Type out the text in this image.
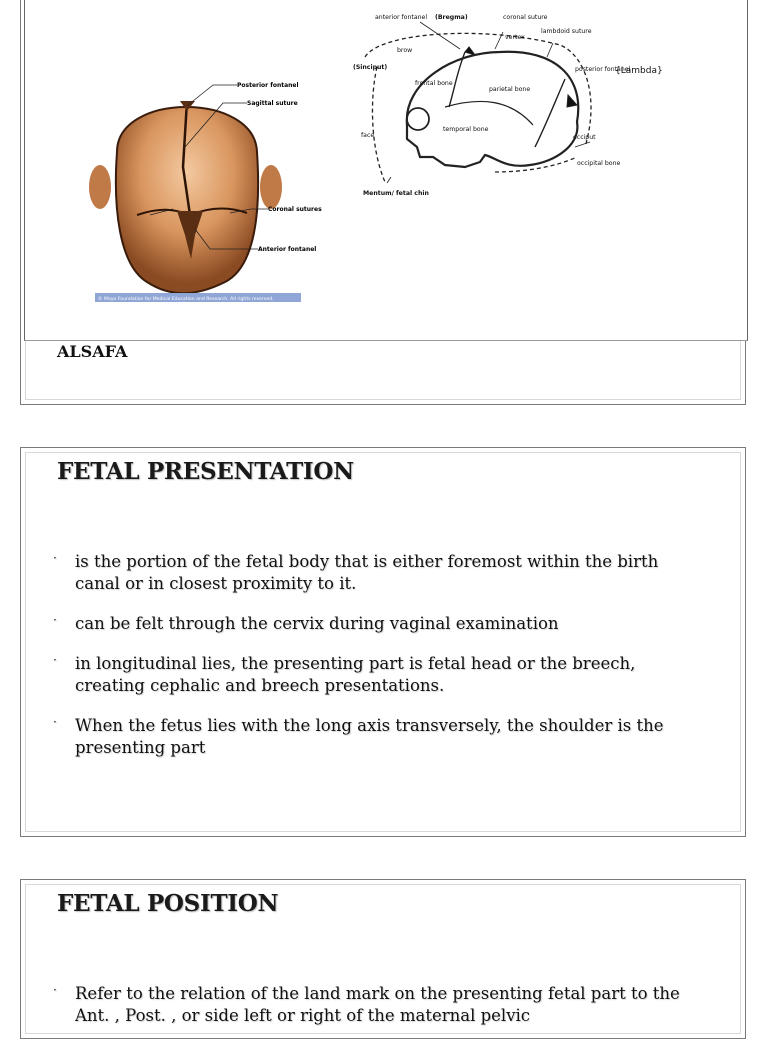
Posterior fontanel
Sagittal suture
Coronal sutures
Anterior fontanel
© Mayo Foundation for Medical Education and Research. All rights reserved.
anterior fontanel (Bregma)	coronal suture
vertex
lambdoid suture
(Sinciput)
brow
frontal bone
parietal bone
posterior fontanel
{Lambda}
face
temporal bone
occiput
occipital bone
Mentum/ fetal chin
ALSAFA
FETAL PRESENTATION
· is the portion of the fetal body that is either foremost within the birth canal or in closest proximity to it.
· can be felt through the cervix during vaginal examination
· in longitudinal lies, the presenting part is fetal head or the breech, creating cephalic and breech presentations.
· When the fetus lies with the long axis transversely, the shoulder is the presenting part
FETAL POSITION
· Refer to the relation of the land mark on the presenting fetal part to the Ant. , Post. , or side left or right of the maternal pelvic
